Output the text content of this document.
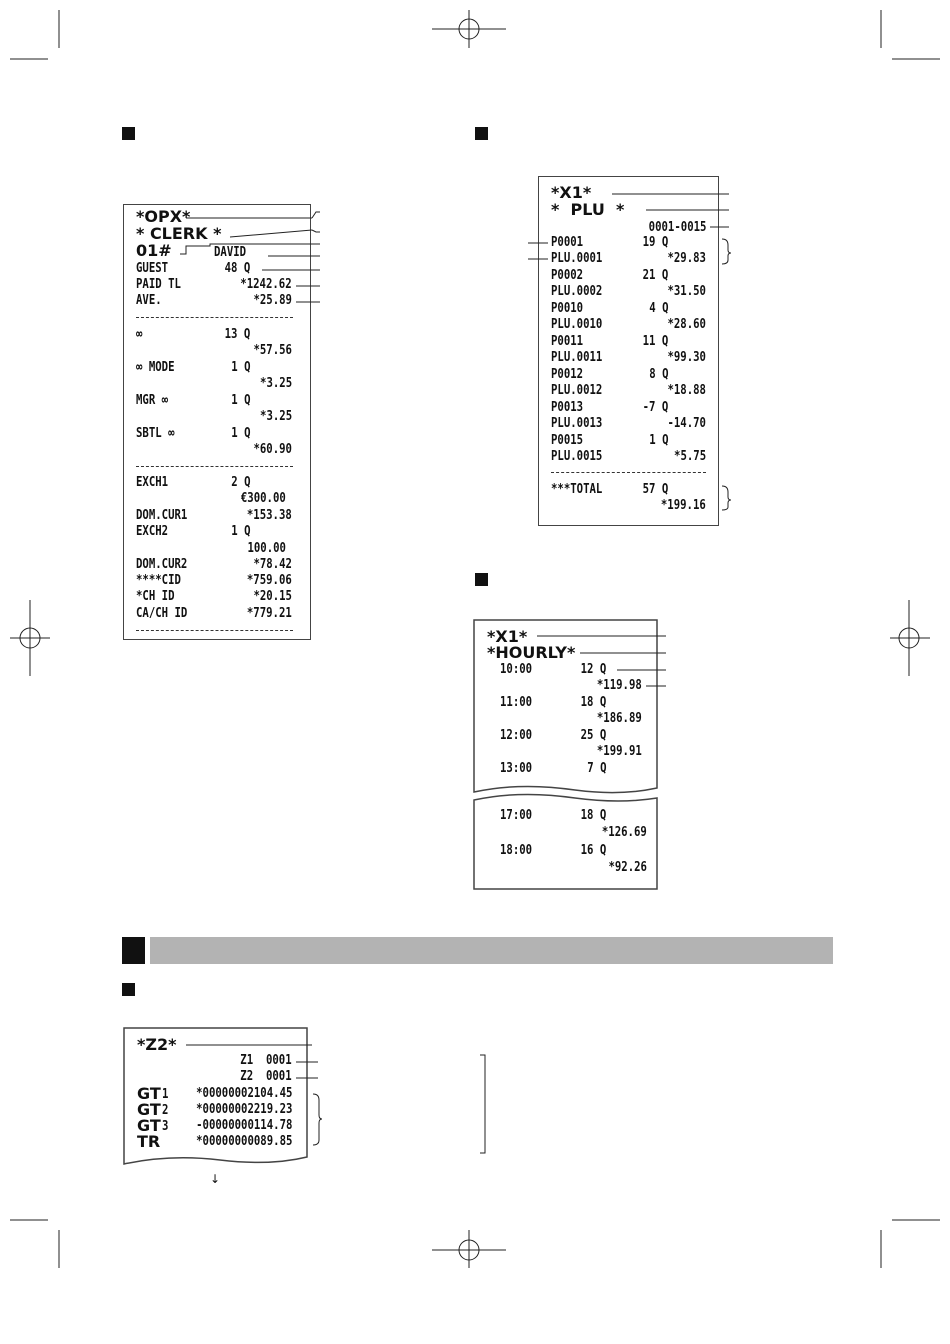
*OPX*
* CLERK *
01#	DAVID
GUEST	48 Q
PAID TL	*1242.62
AVE.	*25.89
∞	13 Q
*57.56
∞ MODE	1 Q
*3.25
MGR ∞	1 Q
*3.25
SBTL ∞	1 Q
*60.90
EXCH1	2 Q
€300.00
DOM.CUR1	*153.38
EXCH2	1 Q
100.00
DOM.CUR2	*78.42
****CID	*759.06
*CH ID	*20.15
CA/CH ID	*779.21
*X1*
*  PLU  *
0001-0015
P0001	19 Q
PLU.0001	*29.83
P0002	21 Q
PLU.0002	*31.50
P0010	4 Q
PLU.0010	*28.60
P0011	11 Q
PLU.0011	*99.30
P0012	8 Q
PLU.0012	*18.88
P0013	-7 Q
PLU.0013	-14.70
P0015	1 Q
PLU.0015	*5.75
***TOTAL	57 Q
*199.16
*X1*
*HOURLY*
10:00	12 Q
*119.98
11:00	18 Q
*186.89
12:00	25 Q
*199.91
13:00	7 Q
17:00	18 Q
*126.69
18:00	16 Q
*92.26
*Z2*
Z1  0001
Z2  0001
GT 1 *00000002104.45
GT 2 *00000002219.23
GT 3 -00000000114.78
TR	*00000000089.85
↓
